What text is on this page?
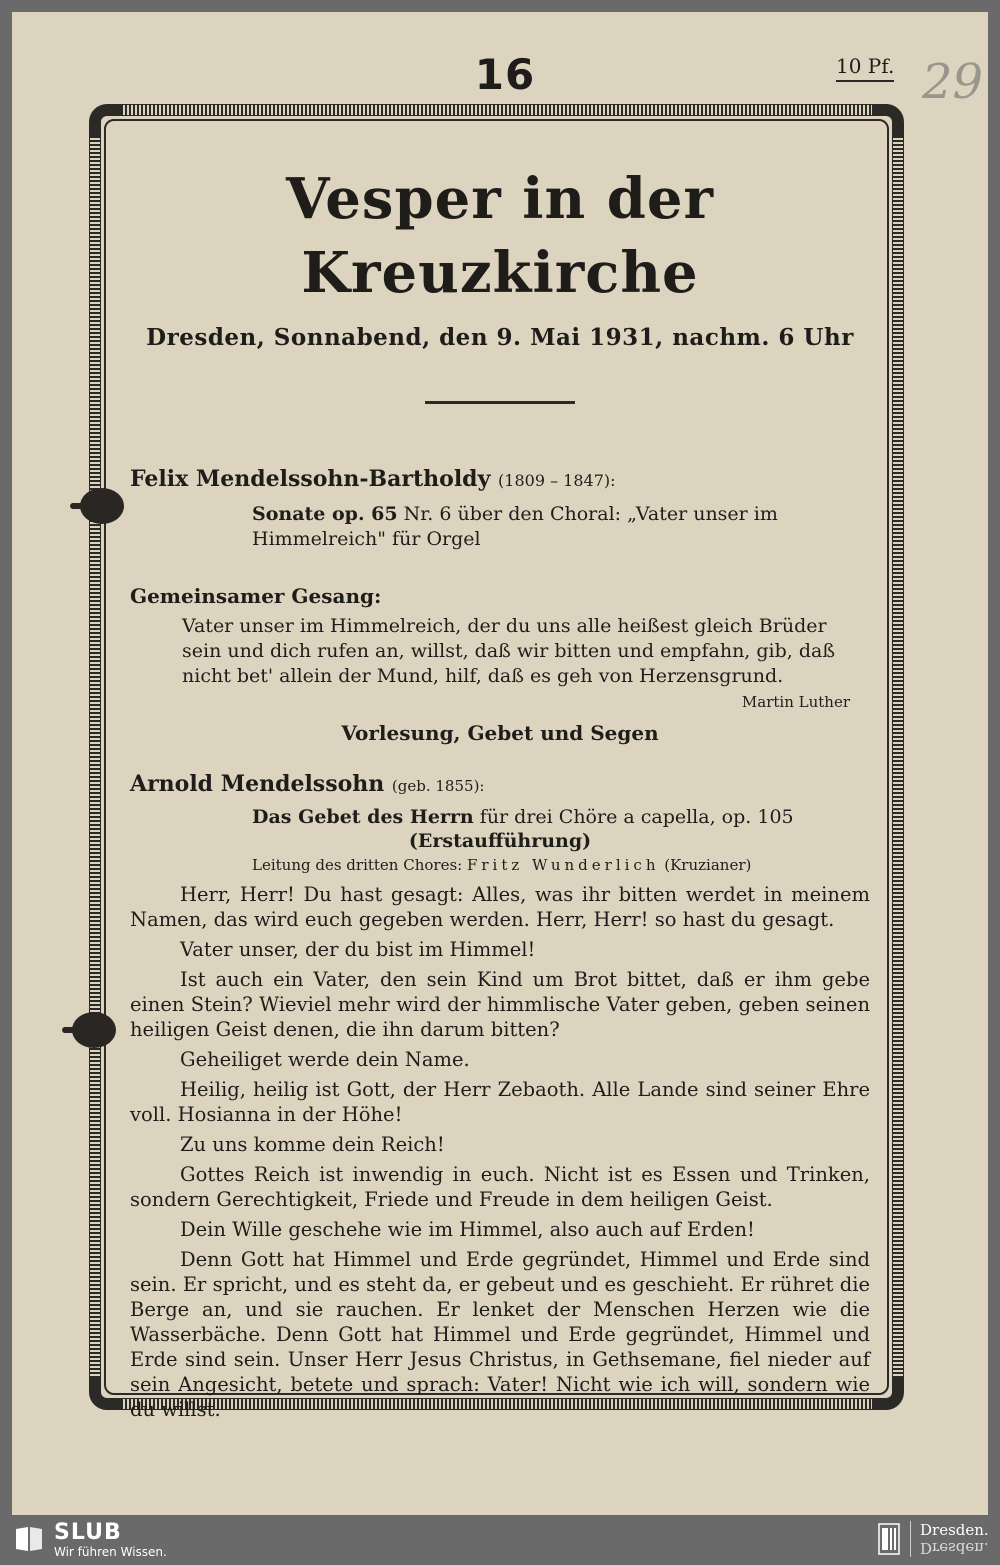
16	10 Pf. 29
Vesper in der Kreuzkirche
Dresden, Sonnabend, den 9. Mai 1931, nachm. 6 Uhr
Felix Mendelssohn-Bartholdy (1809 – 1847):
Sonate op. 65 Nr. 6 über den Choral: „Vater unser im Himmelreich" für Orgel
Gemeinsamer Gesang:
Vater unser im Himmelreich, der du uns alle heißest gleich Brüder sein und dich rufen an, willst, daß wir bitten und empfahn, gib, daß nicht bet' allein der Mund, hilf, daß es geh von Herzensgrund.
Martin Luther
Vorlesung, Gebet und Segen
Arnold Mendelssohn (geb. 1855):
Das Gebet des Herrn für drei Chöre a capella, op. 105
(Erstaufführung)
Leitung des dritten Chores: Fritz Wunderlich (Kruzianer)

Herr, Herr! Du hast gesagt: Alles, was ihr bitten werdet in meinem Namen, das wird euch gegeben werden. Herr, Herr! so hast du gesagt.

Vater unser, der du bist im Himmel!

Ist auch ein Vater, den sein Kind um Brot bittet, daß er ihm gebe einen Stein? Wieviel mehr wird der himmlische Vater geben, geben seinen heiligen Geist denen, die ihn darum bitten?

Geheiliget werde dein Name.

Heilig, heilig ist Gott, der Herr Zebaoth. Alle Lande sind seiner Ehre voll. Hosianna in der Höhe!

Zu uns komme dein Reich!

Gottes Reich ist inwendig in euch. Nicht ist es Essen und Trinken, sondern Gerechtigkeit, Friede und Freude in dem heiligen Geist.

Dein Wille geschehe wie im Himmel, also auch auf Erden!

Denn Gott hat Himmel und Erde gegründet, Himmel und Erde sind sein. Er spricht, und es steht da, er gebeut und es geschieht. Er rühret die Berge an, und sie rauchen. Er lenket der Menschen Herzen wie die Wasserbäche. Denn Gott hat Himmel und Erde gegründet, Himmel und Erde sind sein. Unser Herr Jesus Christus, in Gethsemane, fiel nieder auf sein Angesicht, betete und sprach: Vater! Nicht wie ich will, sondern wie du willst.

SLUB
Wir führen Wissen.
Dresden.
Dresden.
